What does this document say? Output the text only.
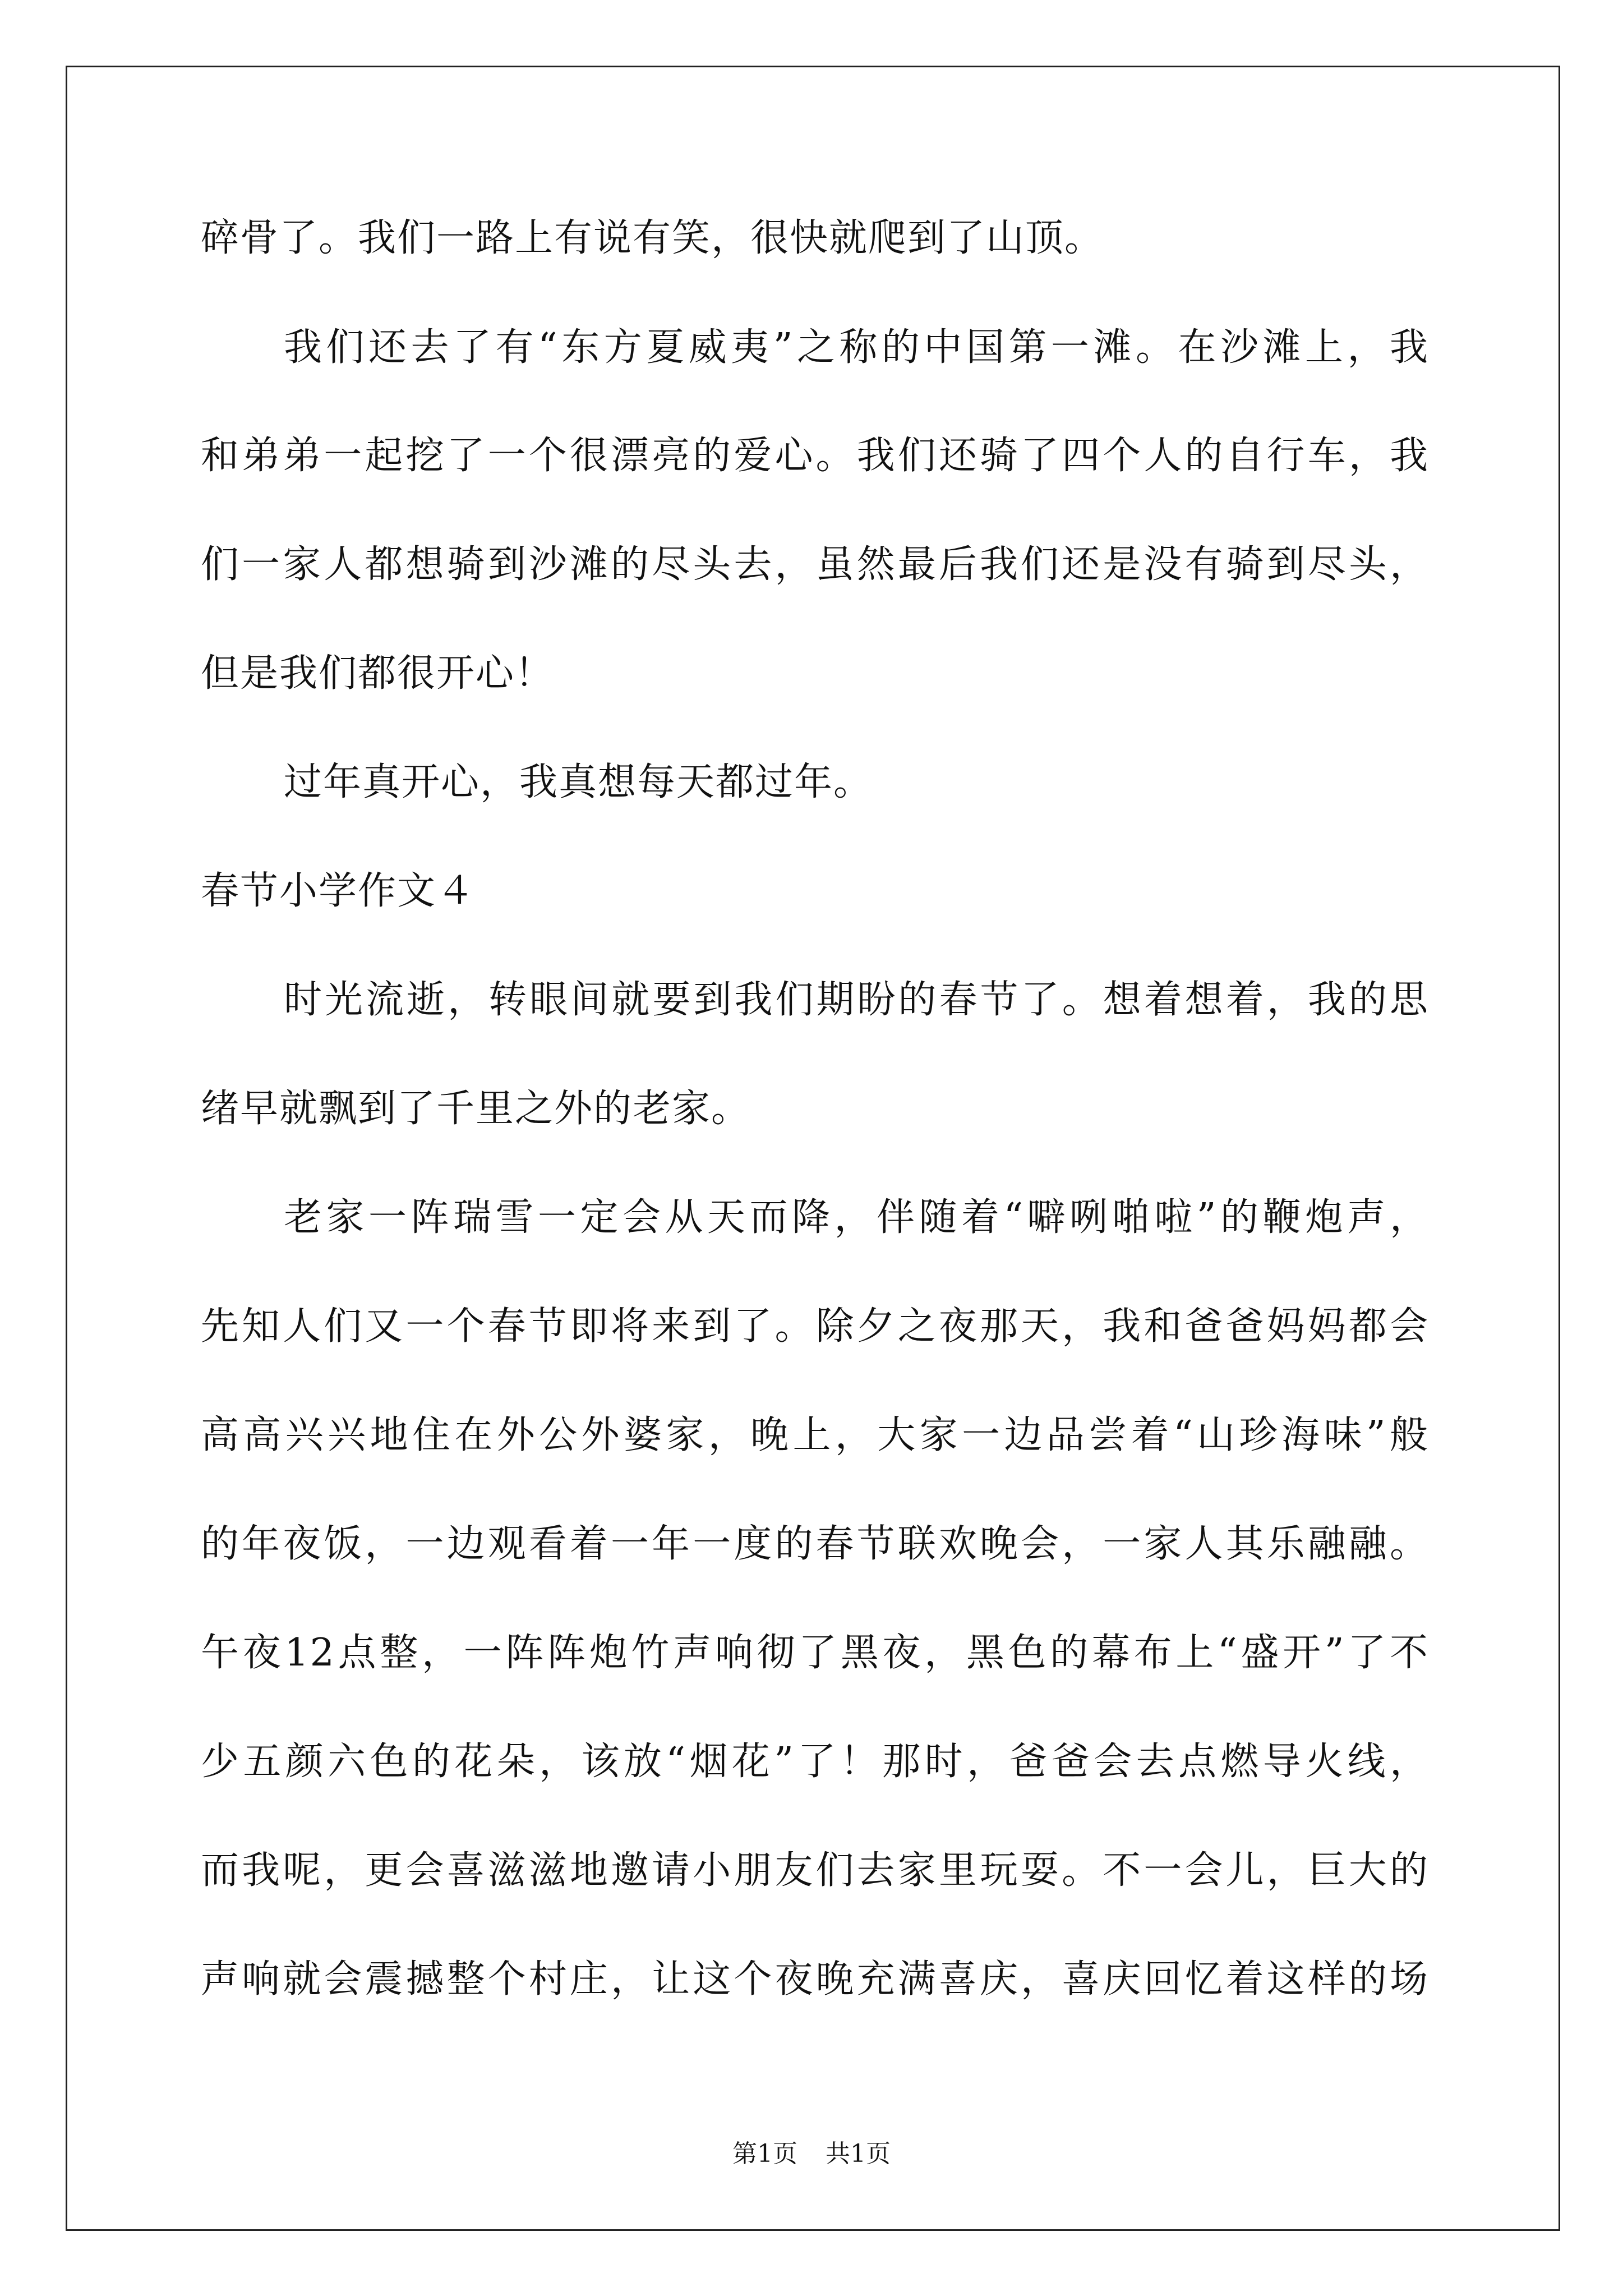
碎骨了。我们一路上有说有笑，很快就爬到了山顶。
我们还去了有“东方夏威夷”之称的中国第一滩。在沙滩上，我
和弟弟一起挖了一个很漂亮的爱心。我们还骑了四个人的自行车，我
们一家人都想骑到沙滩的尽头去，虽然最后我们还是没有骑到尽头，
但是我们都很开心！
过年真开心，我真想每天都过年。
春节小学作文４
时光流逝，转眼间就要到我们期盼的春节了。想着想着，我的思
绪早就飘到了千里之外的老家。
老家一阵瑞雪一定会从天而降，伴随着“噼咧啪啦”的鞭炮声，
先知人们又一个春节即将来到了。除夕之夜那天，我和爸爸妈妈都会
高高兴兴地住在外公外婆家，晚上，大家一边品尝着“山珍海味”般
的年夜饭，一边观看着一年一度的春节联欢晚会，一家人其乐融融。
午夜12点整，一阵阵炮竹声响彻了黑夜，黑色的幕布上“盛开”了不
少五颜六色的花朵，该放“烟花”了！那时，爸爸会去点燃导火线，
而我呢，更会喜滋滋地邀请小朋友们去家里玩耍。不一会儿，巨大的
声响就会震撼整个村庄，让这个夜晚充满喜庆，喜庆回忆着这样的场
第1页 共1页
